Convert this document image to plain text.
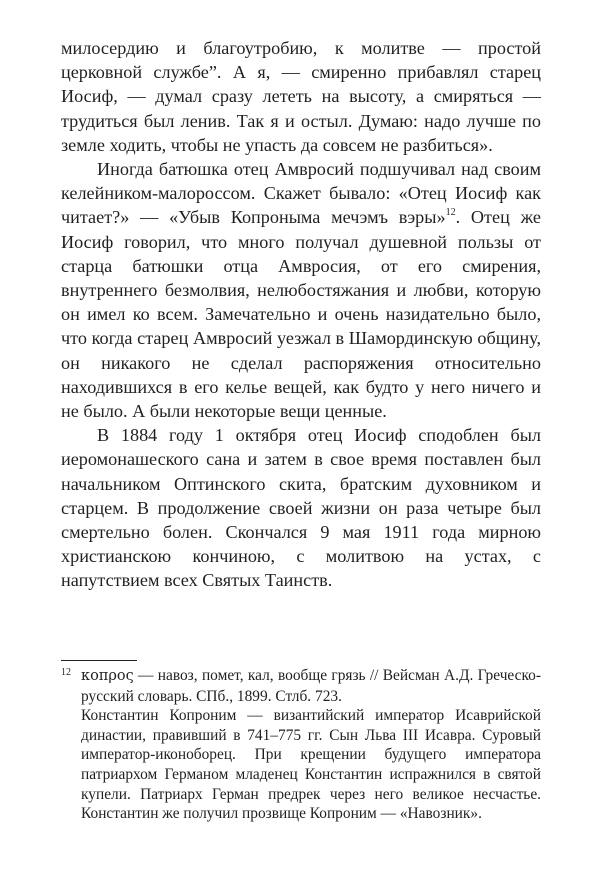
милосердию и благоутробию, к молитве — простой церковной службе”. А я, — смиренно прибавлял старец Иосиф, — думал сразу лететь на высоту, а смиряться — трудиться был ленив. Так я и остыл. Думаю: надо лучше по земле ходить, чтобы не упасть да совсем не разбиться».

Иногда батюшка отец Амвросий подшучивал над своим келейником-малороссом. Скажет бывало: «Отец Иосиф как читает?» — «Убыв Копроныма мечэмъ вэры»$^{12}$. Отец же Иосиф говорил, что много получал душевной пользы от старца батюшки отца Амвросия, от его смирения, внутреннего безмолвия, нелюбостяжания и любви, которую он имел ко всем. Замечательно и очень назидательно было, что когда старец Амвросий уезжал в Шамординскую общину, он никакого не сделал распоряжения относительно находившихся в его келье вещей, как будто у него ничего и не было. А были некоторые вещи ценные.

В 1884 году 1 октября отец Иосиф сподоблен был иеромонашеского сана и затем в свое время поставлен был начальником Оптинского скита, братским духовником и старцем. В продолжение своей жизни он раза четыре был смертельно болен. Скончался 9 мая 1911 года мирною христианскою кончиною, с молитвою на устах, с напутствием всех Святых Таинств.

12 κοπρος — навоз, помет, кал, вообще грязь // Вейсман А.Д. Греческо-русский словарь. СПб., 1899. Стлб. 723.

Константин Копроним — византийский император Исаврийской династии, правивший в 741–775 гг. Сын Льва III Исавра. Суровый император-иконоборец. При крещении будущего императора патриархом Германом младенец Константин испражнился в святой купели. Патриарх Герман предрек через него великое несчастье. Константин же получил прозвище Копроним — «Навозник».
